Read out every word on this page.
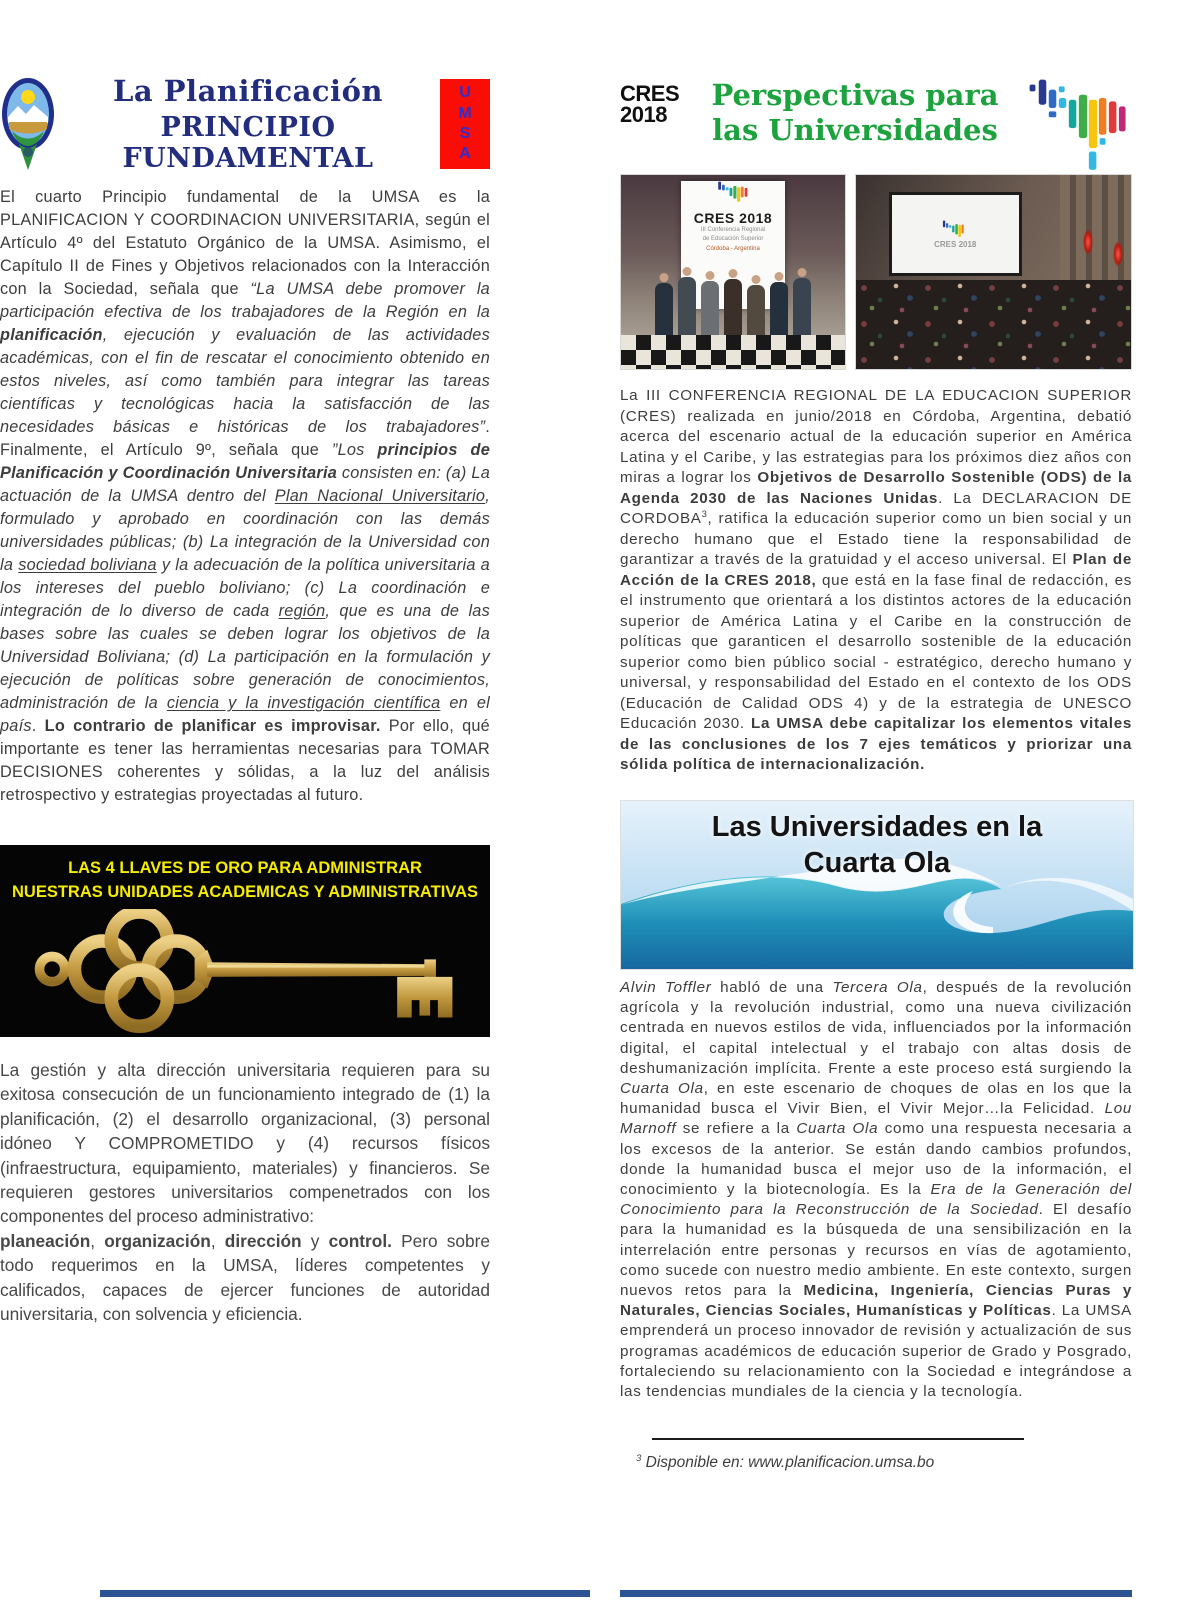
La Planificación
PRINCIPIO FUNDAMENTAL
U
M
S
A

El cuarto Principio fundamental de la UMSA es la PLANIFICACION Y COORDINACION UNIVERSITARIA, según el Artículo 4º del Estatuto Orgánico de la UMSA. Asimismo, el Capítulo II de Fines y Objetivos relacionados con la Interacción con la Sociedad, señala que “La UMSA debe promover la participación efectiva de los trabajadores de la Región en la planificación, ejecución y evaluación de las actividades académicas, con el fin de rescatar el conocimiento obtenido en estos niveles, así como también para integrar las tareas científicas y tecnológicas hacia la satisfacción de las necesidades básicas e históricas de los trabajadores”. Finalmente, el Artículo 9º, señala que ”Los principios de Planificación y Coordinación Universitaria consisten en: (a) La actuación de la UMSA dentro del Plan Nacional Universitario, formulado y aprobado en coordinación con las demás universidades públicas; (b) La integración de la Universidad con la sociedad boliviana y la adecuación de la política universitaria a los intereses del pueblo boliviano; (c) La coordinación e integración de lo diverso de cada región, que es una de las bases sobre las cuales se deben lograr los objetivos de la Universidad Boliviana; (d) La participación en la formulación y ejecución de políticas sobre generación de conocimientos, administración de la ciencia y la investigación científica en el país. Lo contrario de planificar es improvisar. Por ello, qué importante es tener las herramientas necesarias para TOMAR DECISIONES coherentes y sólidas, a la luz del análisis retrospectivo y estrategias proyectadas al futuro.

LAS 4 LLAVES DE ORO PARA ADMINISTRAR
NUESTRAS UNIDADES ACADEMICAS Y ADMINISTRATIVAS

La gestión y alta dirección universitaria requieren para su exitosa consecución de un funcionamiento integrado de (1) la planificación, (2) el desarrollo organizacional, (3) personal idóneo Y COMPROMETIDO y (4) recursos físicos (infraestructura, equipamiento, materiales) y financieros. Se requieren gestores universitarios compenetrados con los componentes del proceso administrativo:

planeación, organización, dirección y control. Pero sobre todo requerimos en la UMSA, líderes competentes y calificados, capaces de ejercer funciones de autoridad universitaria, con solvencia y eficiencia.

CRES
2018
Perspectivas para las Universidades
CRES 2018
III Conferencia Regional
de Educación Superior
Córdoba - Argentina
CRES 2018

La III CONFERENCIA REGIONAL DE LA EDUCACION SUPERIOR (CRES) realizada en junio/2018 en Córdoba, Argentina, debatió acerca del escenario actual de la educación superior en América Latina y el Caribe, y las estrategias para los próximos diez años con miras a lograr los Objetivos de Desarrollo Sostenible (ODS) de la Agenda 2030 de las Naciones Unidas. La DECLARACION DE CORDOBA$^3$, ratifica la educación superior como un bien social y un derecho humano que el Estado tiene la responsabilidad de garantizar a través de la gratuidad y el acceso universal. El Plan de Acción de la CRES 2018, que está en la fase final de redacción, es el instrumento que orientará a los distintos actores de la educación superior de América Latina y el Caribe en la construcción de políticas que garanticen el desarrollo sostenible de la educación superior como bien público social - estratégico, derecho humano y universal, y responsabilidad del Estado en el contexto de los ODS (Educación de Calidad ODS 4) y de la estrategia de UNESCO Educación 2030. La UMSA debe capitalizar los elementos vitales de las conclusiones de los 7 ejes temáticos y priorizar una sólida política de internacionalización.

Las Universidades en la
Cuarta Ola

Alvin Toffler habló de una Tercera Ola, después de la revolución agrícola y la revolución industrial, como una nueva civilización centrada en nuevos estilos de vida, influenciados por la información digital, el capital intelectual y el trabajo con altas dosis de deshumanización implícita. Frente a este proceso está surgiendo la Cuarta Ola, en este escenario de choques de olas en los que la humanidad busca el Vivir Bien, el Vivir Mejor…la Felicidad. Lou Marnoff se refiere a la Cuarta Ola como una respuesta necesaria a los excesos de la anterior. Se están dando cambios profundos, donde la humanidad busca el mejor uso de la información, el conocimiento y la biotecnología. Es la Era de la Generación del Conocimiento para la Reconstrucción de la Sociedad. El desafío para la humanidad es la búsqueda de una sensibilización en la interrelación entre personas y recursos en vías de agotamiento, como sucede con nuestro medio ambiente. En este contexto, surgen nuevos retos para la Medicina, Ingeniería, Ciencias Puras y Naturales, Ciencias Sociales, Humanísticas y Políticas. La UMSA emprenderá un proceso innovador de revisión y actualización de sus programas académicos de educación superior de Grado y Posgrado, fortaleciendo su relacionamiento con la Sociedad e integrándose a las tendencias mundiales de la ciencia y la tecnología.

$^3$ Disponible en: www.planificacion.umsa.bo
